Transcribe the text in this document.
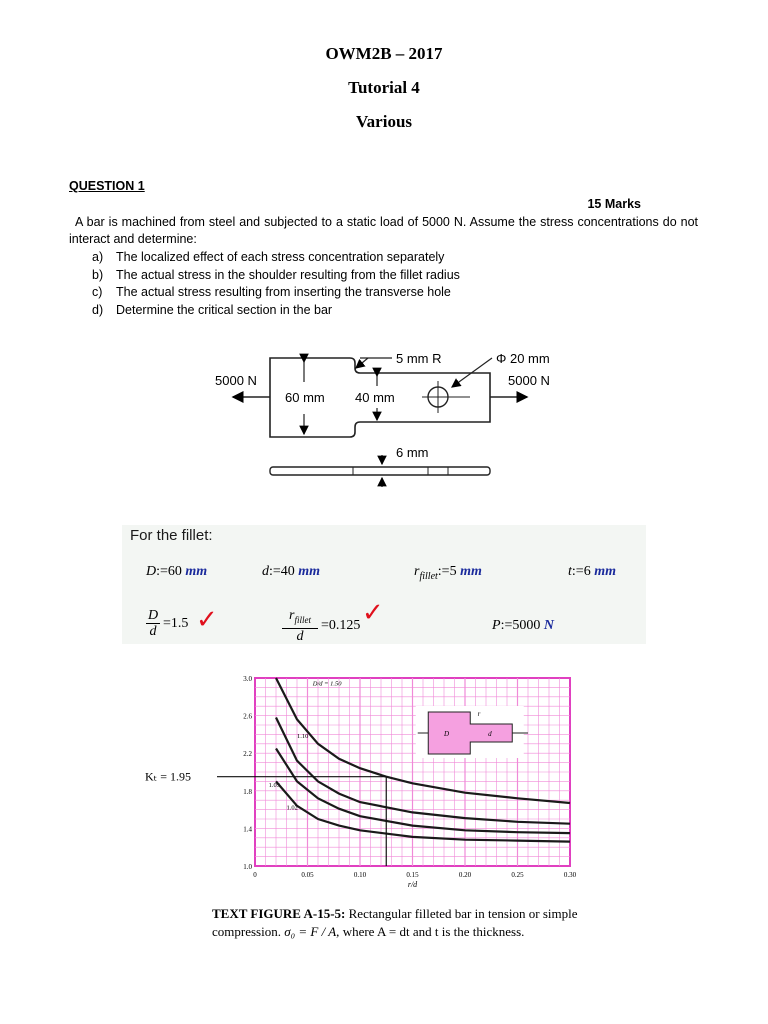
OWM2B – 2017
Tutorial 4
Various
QUESTION 1
15 Marks
A bar is machined from steel and subjected to a static load of 5000 N. Assume the stress concentrations do not interact and determine:
a)	The localized effect of each stress concentration separately
b)	The actual stress in the shoulder resulting from the fillet radius
c)	The actual stress resulting from inserting the transverse hole
d)	Determine the critical section in the bar
5000 N	5000 N
60 mm 40 mm
5 mm R	Φ 20 mm
6 mm
For the fillet:
D:=60 mm	d:=40 mm	$r_{fillet}:=5$ mm	t:=6 mm
D
d
= 1.5 ✓	$r_{fillet}$
d
= 0.125 ✓	P:=5000 N
0	0.05	0.10	0.15	0.20	0.25	0.30
1.0
1.4
1.8
2.2
2.6
3.0
r/d
D/d = 1.50
1.10
1.05
1.02
Kₜ = 1.95
D	d
r
TEXT FIGURE A-15-5: Rectangular filleted bar in tension or simple compression. σ₀ = F / A, where A = dt and t is the thickness.
